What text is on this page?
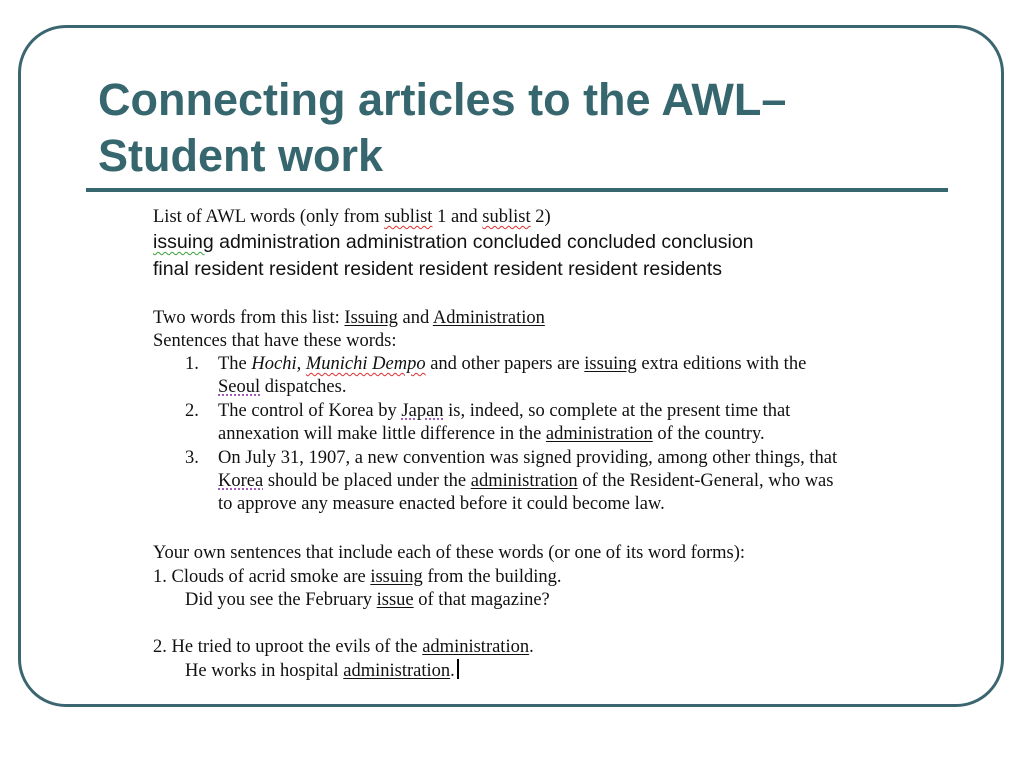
Connecting articles to the AWL–
Student work
List of AWL words (only from sublist 1 and sublist 2)
issuing administration administration concluded concluded conclusion
final resident resident resident resident resident resident residents
Two words from this list: Issuing and Administration
Sentences that have these words:
1. The Hochi, Munichi Dempo and other papers are issuing extra editions with the
Seoul dispatches.
2. The control of Korea by Japan is, indeed, so complete at the present time that
annexation will make little difference in the administration of the country.
3. On July 31, 1907, a new convention was signed providing, among other things, that
Korea should be placed under the administration of the Resident-General, who was
to approve any measure enacted before it could become law.
Your own sentences that include each of these words (or one of its word forms):
1. Clouds of acrid smoke are issuing from the building.
Did you see the February issue of that magazine?
2. He tried to uproot the evils of the administration.
He works in hospital administration.
